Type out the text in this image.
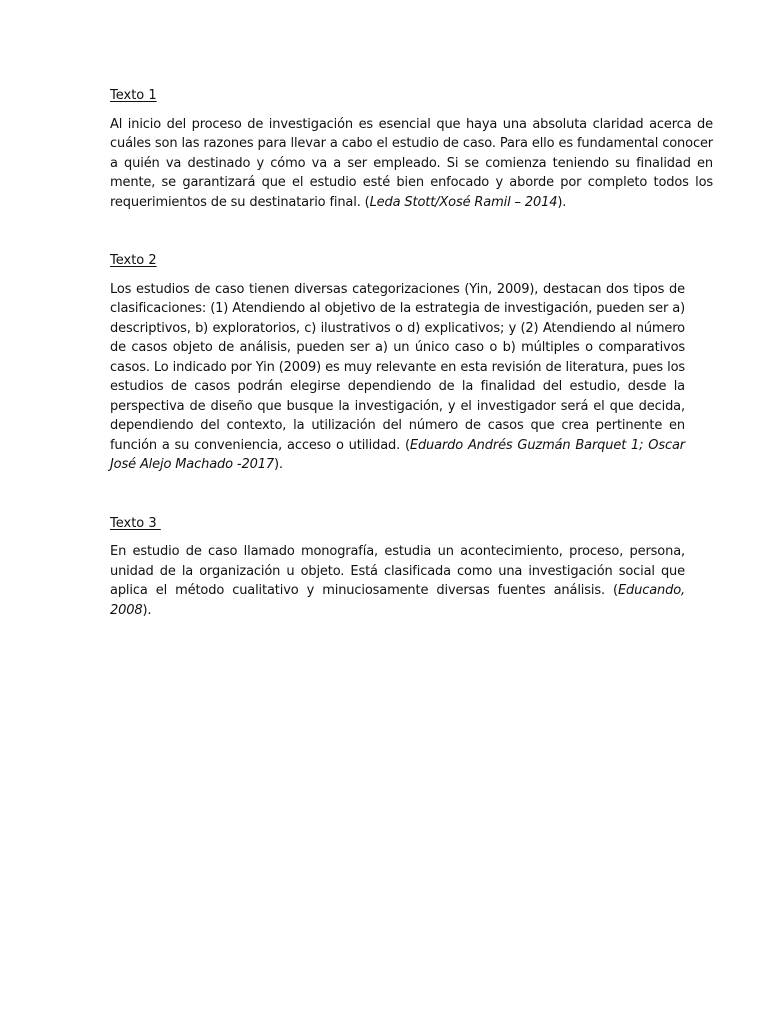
Texto 1

Al inicio del proceso de investigación es esencial que haya una absoluta claridad acerca de cuáles son las razones para llevar a cabo el estudio de caso. Para ello es fundamental conocer a quién va destinado y cómo va a ser empleado. Si se comienza teniendo su finalidad en mente, se garantizará que el estudio esté bien enfocado y aborde por completo todos los requerimientos de su destinatario final. (Leda Stott/Xosé Ramil – 2014).

Texto 2

Los estudios de caso tienen diversas categorizaciones (Yin, 2009), destacan dos tipos de clasificaciones: (1) Atendiendo al objetivo de la estrategia de investigación, pueden ser a) descriptivos, b) exploratorios, c) ilustrativos o d) explicativos; y (2) Atendiendo al número de casos objeto de análisis, pueden ser a) un único caso o b) múltiples o comparativos casos. Lo indicado por Yin (2009) es muy relevante en esta revisión de literatura, pues los estudios de casos podrán elegirse dependiendo de la finalidad del estudio, desde la perspectiva de diseño que busque la investigación, y el investigador será el que decida, dependiendo del contexto, la utilización del número de casos que crea pertinente en función a su conveniencia, acceso o utilidad. (Eduardo Andrés Guzmán Barquet 1; Oscar José Alejo Machado -2017).

Texto 3

En estudio de caso llamado monografía, estudia un acontecimiento, proceso, persona, unidad de la organización u objeto. Está clasificada como una investigación social que aplica el método cualitativo y minuciosamente diversas fuentes análisis. (Educando, 2008).
